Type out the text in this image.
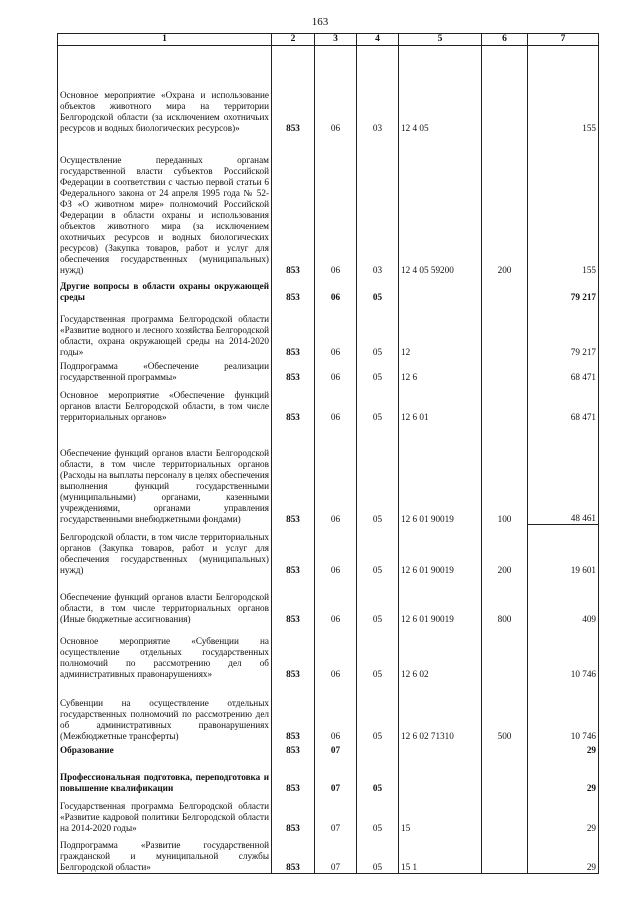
163
1	2	3	4	5	6	7
Основное мероприятие «Охрана и использование объектов животного мира на территории Белгородской области (за исключением охотничьих ресурсов и водных биологических ресурсов)»	853	06	03	12 4 05		155
Осуществление переданных органам государственной власти субъектов Российской Федерации в соответствии с частью первой статьи 6 Федерального закона от 24 апреля 1995 года № 52-ФЗ «О животном мире» полномочий Российской Федерации в области охраны и использования объектов животного мира (за исключением охотничьих ресурсов и водных биологических ресурсов) (Закупка товаров, работ и услуг для обеспечения государственных (муниципальных) нужд)	853	06	03	12 4 05 59200	200	155
Другие вопросы в области охраны окружающей среды	853	06	05			79 217
Государственная программа Белгородской области «Развитие водного и лесного хозяйства Белгородской области, охрана окружающей среды на 2014-2020 годы»	853	06	05	12		79 217
Подпрограмма «Обеспечение реализации государственной программы»	853	06	05	12 6		68 471
Основное мероприятие «Обеспечение функций органов власти Белгородской области, в том числе территориальных органов»	853	06	05	12 6 01		68 471
Обеспечение функций органов власти Белгородской области, в том числе территориальных органов (Расходы на выплаты персоналу в целях обеспечения выполнения функций государственными (муниципальными) органами, казенными учреждениями, органами управления государственными внебюджетными фондами)	853	06	05	12 6 01 90019	100	48 461
Белгородской области, в том числе территориальных органов (Закупка товаров, работ и услуг для обеспечения государственных (муниципальных) нужд)	853	06	05	12 6 01 90019	200	19 601
Обеспечение функций органов власти Белгородской области, в том числе территориальных органов (Иные бюджетные ассигнования)	853	06	05	12 6 01 90019	800	409
Основное мероприятие «Субвенции на осуществление отдельных государственных полномочий по рассмотрению дел об административных правонарушениях»	853	06	05	12 6 02		10 746
Субвенции на осуществление отдельных государственных полномочий по рассмотрению дел об административных правонарушениях (Межбюджетные трансферты)	853	06	05	12 6 02 71310	500	10 746
Образование	853	07				29
Профессиональная подготовка, переподготовка и повышение квалификации	853	07	05			29
Государственная программа Белгородской области «Развитие кадровой политики Белгородской области на 2014-2020 годы»	853	07	05	15		29
Подпрограмма «Развитие государственной гражданской и муниципальной службы Белгородской области»	853	07	05	15 1		29
